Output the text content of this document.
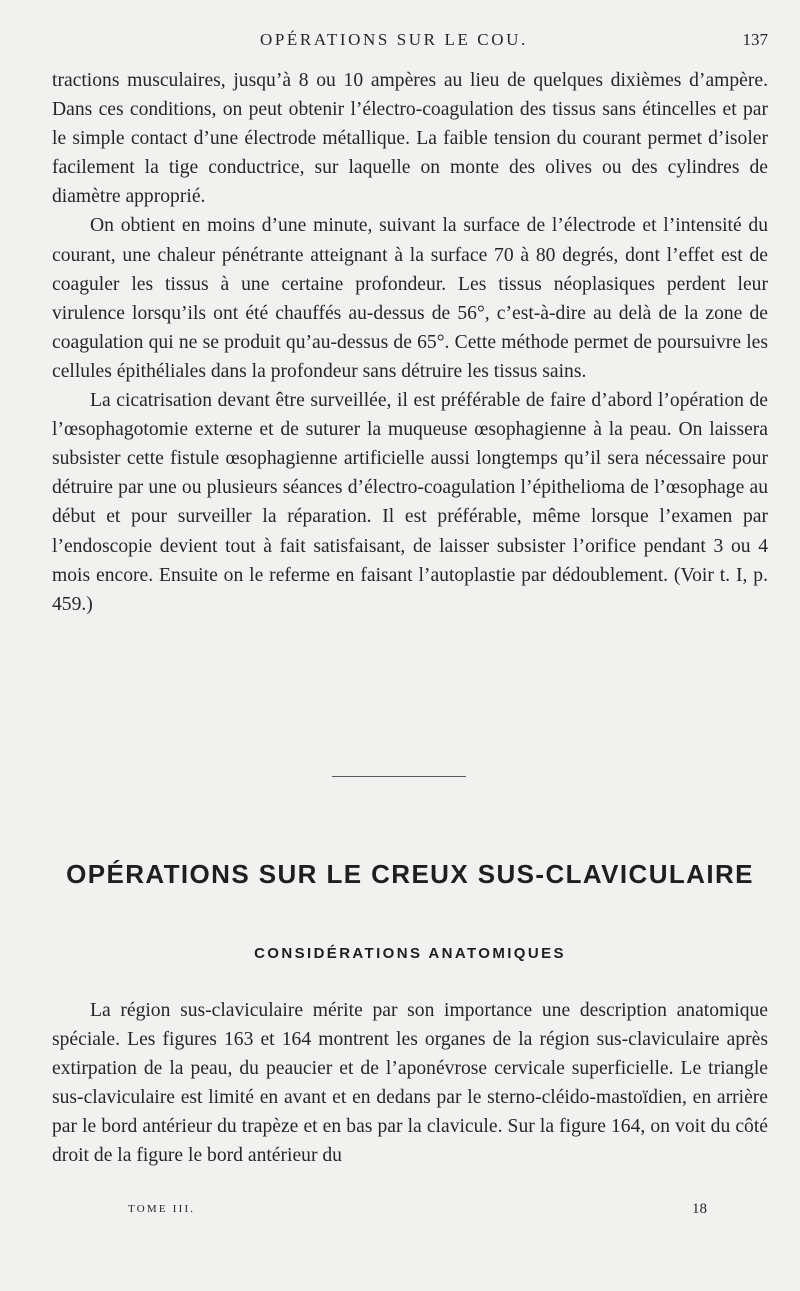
OPÉRATIONS SUR LE COU.	137

tractions musculaires, jusqu’à 8 ou 10 ampères au lieu de quelques dixièmes d’ampère. Dans ces conditions, on peut obtenir l’électro-coagulation des tissus sans étincelles et par le simple contact d’une électrode métallique. La faible tension du courant permet d’isoler facilement la tige conductrice, sur laquelle on monte des olives ou des cylindres de diamètre approprié.

On obtient en moins d’une minute, suivant la surface de l’électrode et l’intensité du courant, une chaleur pénétrante atteignant à la surface 70 à 80 degrés, dont l’effet est de coaguler les tissus à une certaine profondeur. Les tissus néoplasiques perdent leur virulence lorsqu’ils ont été chauffés au-dessus de 56°, c’est-à-dire au delà de la zone de coagulation qui ne se produit qu’au-dessus de 65°. Cette méthode permet de poursuivre les cellules épithéliales dans la profondeur sans détruire les tissus sains.

La cicatrisation devant être surveillée, il est préférable de faire d’abord l’opération de l’œsophagotomie externe et de suturer la muqueuse œsophagienne à la peau. On laissera subsister cette fistule œsophagienne artificielle aussi longtemps qu’il sera nécessaire pour détruire par une ou plusieurs séances d’électro-coagulation l’épithelioma de l’œsophage au début et pour surveiller la réparation. Il est préférable, même lorsque l’examen par l’endoscopie devient tout à fait satisfaisant, de laisser subsister l’orifice pendant 3 ou 4 mois encore. Ensuite on le referme en faisant l’autoplastie par dédoublement. (Voir t. I, p. 459.)

OPÉRATIONS SUR LE CREUX SUS-CLAVICULAIRE
CONSIDÉRATIONS ANATOMIQUES

La région sus-claviculaire mérite par son importance une description anatomique spéciale. Les figures 163 et 164 montrent les organes de la région sus-claviculaire après extirpation de la peau, du peaucier et de l’aponévrose cervicale superficielle. Le triangle sus-claviculaire est limité en avant et en dedans par le sterno-cléido-mastoïdien, en arrière par le bord antérieur du trapèze et en bas par la clavicule. Sur la figure 164, on voit du côté droit de la figure le bord antérieur du

TOME III.	18
